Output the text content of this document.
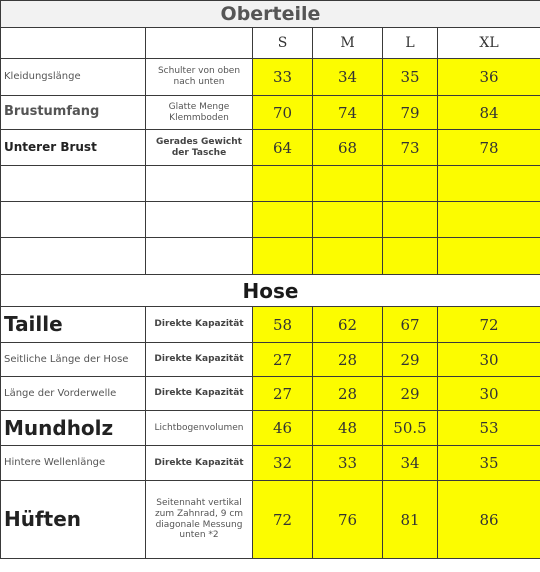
Oberteile					
		S	M	L	XL
Kleidungslänge	Schulter von oben nach unten	33	34	35	36
Brustumfang	Glatte Menge Klemmboden	70	74	79	84
Unterer Brust	Gerades Gewicht der Tasche	64	68	73	78

Hose					
Taille	Direkte Kapazität	58	62	67	72
Seitliche Länge der Hose	Direkte Kapazität	27	28	29	30
Länge der Vorderwelle	Direkte Kapazität	27	28	29	30
Mundholz	Lichtbogenvolumen	46	48	50.5	53
Hintere Wellenlänge	Direkte Kapazität	32	33	34	35
Hüften	Seitennaht vertikal zum Zahnrad, 9 cm diagonale Messung unten *2	72	76	81	86
